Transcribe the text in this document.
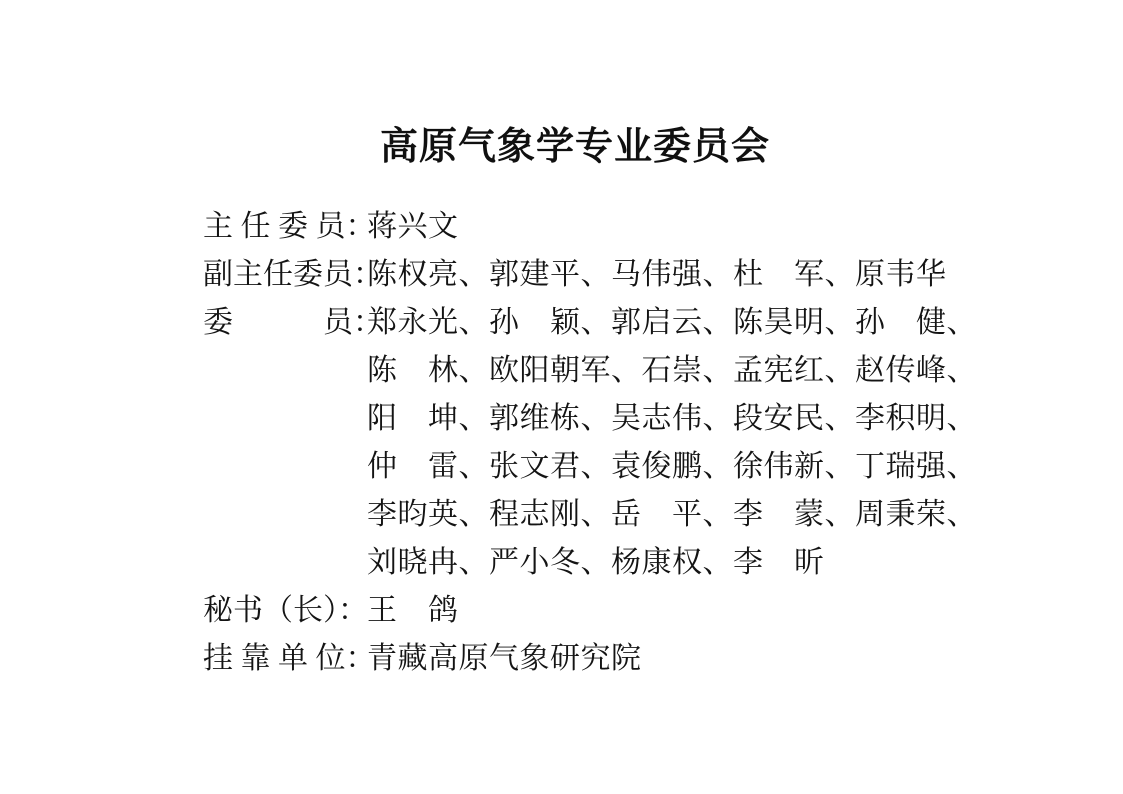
高原气象学专业委员会
主 任 委 员：
蒋兴文
副主任委员：
陈权亮、郭建平、马伟强、杜　军、原韦华
委　　　员：
郑永光、孙　颖、郭启云、陈昊明、孙　健、
陈　林、欧阳朝军、石崇、孟宪红、赵传峰、
阳　坤、郭维栋、吴志伟、段安民、李积明、
仲　雷、张文君、袁俊鹏、徐伟新、丁瑞强、
李昀英、程志刚、岳　平、李　蒙、周秉荣、
刘晓冉、严小冬、杨康权、李　昕
秘书（长）： 王　鸽
挂 靠 单 位：
青藏高原气象研究院
